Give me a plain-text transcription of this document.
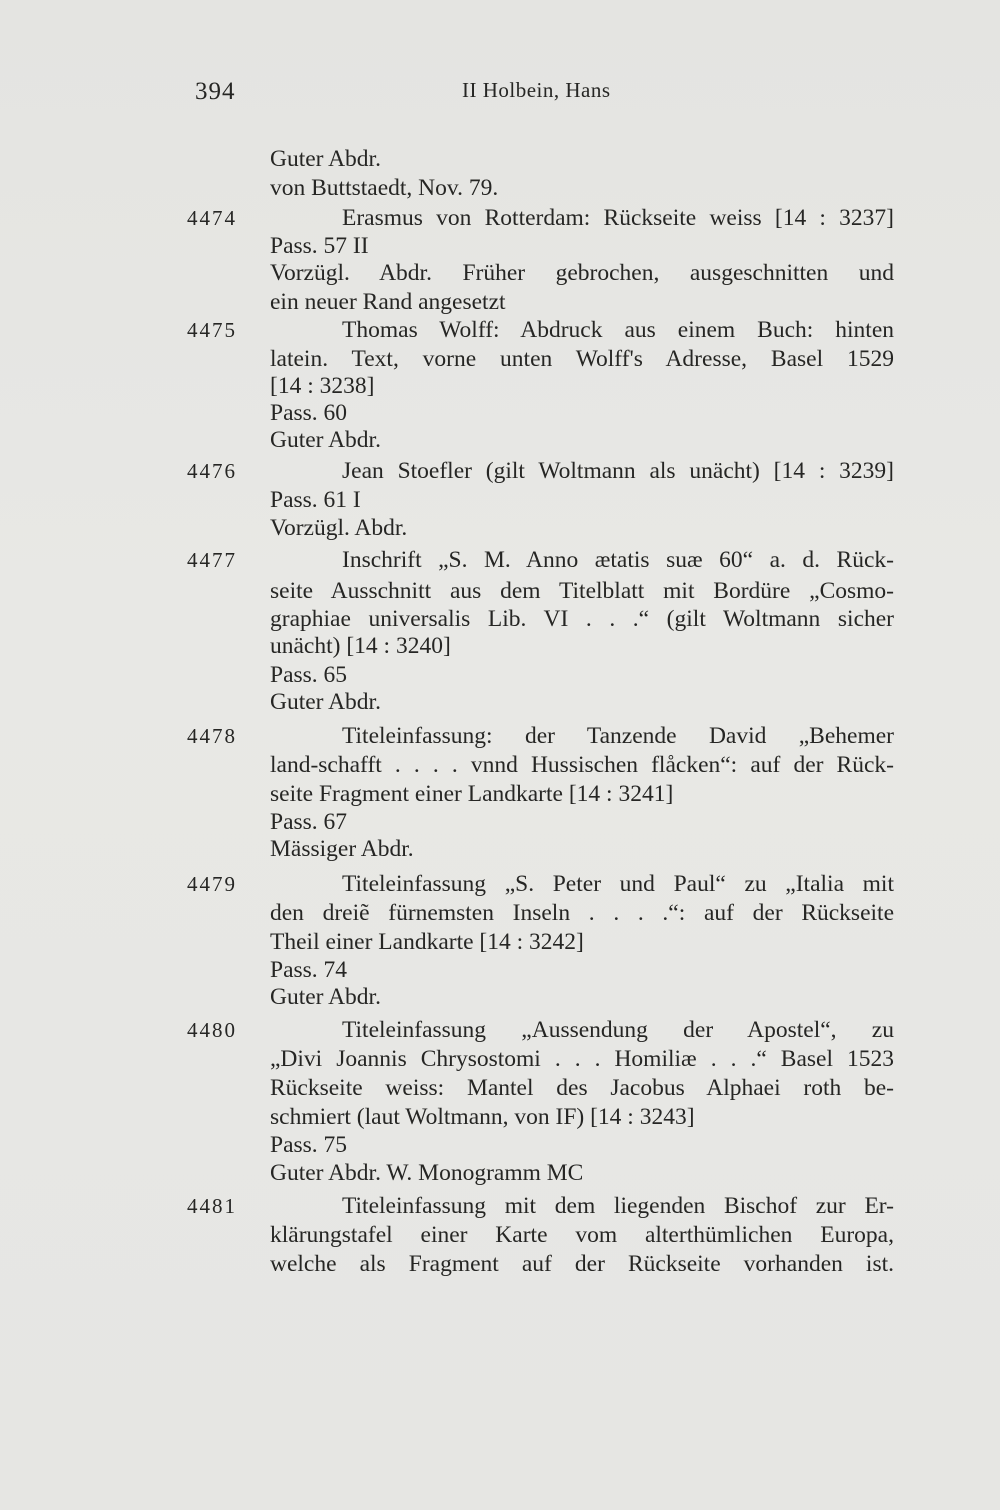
394	II Holbein, Hans
Guter Abdr.
von Buttstaedt, Nov. 79.
4474	Erasmus von Rotterdam: Rückseite weiss [14 : 3237]
Pass. 57 II
Vorzügl. Abdr. Früher gebrochen, ausgeschnitten und
ein neuer Rand angesetzt
4475	Thomas Wolff: Abdruck aus einem Buch: hinten
latein. Text, vorne unten Wolff's Adresse, Basel 1529
[14 : 3238]
Pass. 60
Guter Abdr.
4476	Jean Stoefler (gilt Woltmann als unächt) [14 : 3239]
Pass. 61 I
Vorzügl. Abdr.
4477	Inschrift „S. M. Anno ætatis suæ 60“ a. d. Rück-
seite Ausschnitt aus dem Titelblatt mit Bordüre „Cosmo-
graphiae universalis Lib. VI . . .“ (gilt Woltmann sicher
unächt) [14 : 3240]
Pass. 65
Guter Abdr.
4478	Titeleinfassung: der Tanzende David „Behemer
land-schafft . . . . vnnd Hussischen flåcken“: auf der Rück-
seite Fragment einer Landkarte [14 : 3241]
Pass. 67
Mässiger Abdr.
4479	Titeleinfassung „S. Peter und Paul“ zu „Italia mit
den dreiẽ fürnemsten Inseln . . . .“: auf der Rückseite
Theil einer Landkarte [14 : 3242]
Pass. 74
Guter Abdr.
4480	Titeleinfassung „Aussendung der Apostel“, zu
„Divi Joannis Chrysostomi . . . Homiliæ . . .“ Basel 1523
Rückseite weiss: Mantel des Jacobus Alphaei roth be-
schmiert (laut Woltmann, von IF) [14 : 3243]
Pass. 75
Guter Abdr. W. Monogramm MC
4481	Titeleinfassung mit dem liegenden Bischof zur Er-
klärungstafel einer Karte vom alterthümlichen Europa,
welche als Fragment auf der Rückseite vorhanden ist.
